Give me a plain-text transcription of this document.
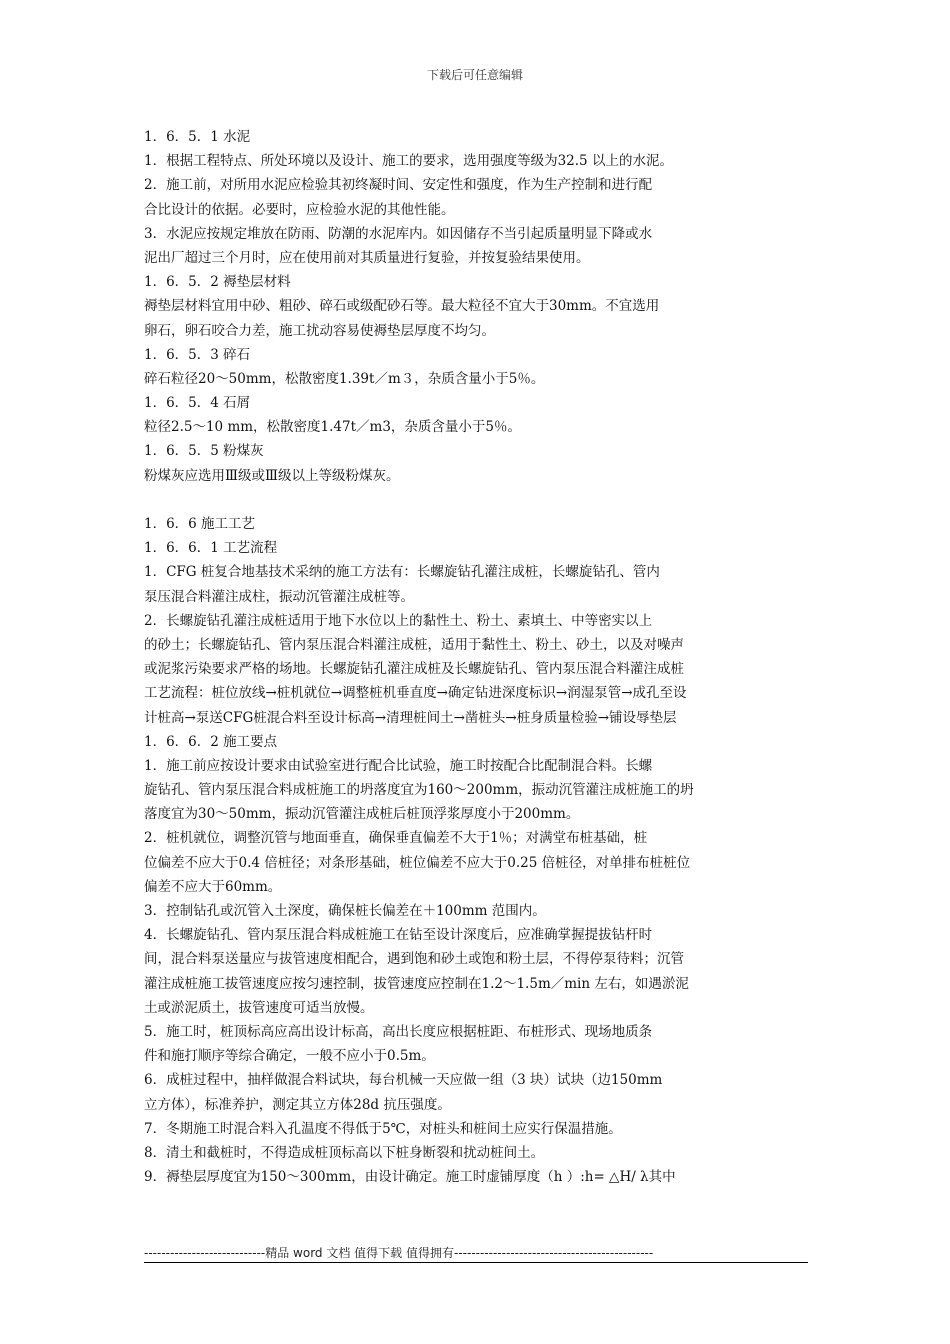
下载后可任意编辑
1．6．5．1 水泥
1．根据工程特点、所处环境以及设计、施工的要求，选用强度等级为32.5 以上的水泥。
2．施工前，对所用水泥应检验其初终凝时间、安定性和强度，作为生产控制和进行配
合比设计的依据。必要时，应检验水泥的其他性能。
3．水泥应按规定堆放在防雨、防潮的水泥库内。如因储存不当引起质量明显下降或水
泥出厂超过三个月时，应在使用前对其质量进行复验，并按复验结果使用。
1．6．5．2 褥垫层材料
褥垫层材料宜用中砂、粗砂、碎石或级配砂石等。最大粒径不宜大于30mm。不宜选用
卵石，卵石咬合力差，施工扰动容易使褥垫层厚度不均匀。
1．6．5．3 碎石
碎石粒径20～50mm，松散密度1.39t／m３，杂质含量小于5％。
1．6．5．4 石屑
粒径2.5～10 mm，松散密度1.47t／m3，杂质含量小于5％。
1．6．5．5 粉煤灰
粉煤灰应选用Ⅲ级或Ⅲ级以上等级粉煤灰。
1．6．6 施工工艺
1．6．6．1 工艺流程
1．CFG 桩复合地基技术采纳的施工方法有：长螺旋钻孔灌注成桩，长螺旋钻孔、管内
泵压混合料灌注成柱，振动沉管灌注成桩等。
2．长螺旋钻孔灌注成桩适用于地下水位以上的黏性土、粉土、素填土、中等密实以上
的砂土；长螺旋钻孔、管内泵压混合料灌注成桩，适用于黏性土、粉土、砂土，以及对噪声
或泥浆污染要求严格的场地。长螺旋钻孔灌注成桩及长螺旋钻孔、管内泵压混合料灌注成桩
工艺流程：桩位放线→桩机就位→调整桩机垂直度→确定钻进深度标识→润湿泵管→成孔至设
计桩高→泵送CFG桩混合料至设计标高→清理桩间土→凿桩头→桩身质量检验→铺设辱垫层
1．6．6．2 施工要点
1．施工前应按设计要求由试验室进行配合比试验，施工时按配合比配制混合料。长螺
旋钻孔、管内泵压混合料成桩施工的坍落度宜为160～200mm，振动沉管灌注成桩施工的坍
落度宜为30～50mm，振动沉管灌注成桩后桩顶浮浆厚度小于200mm。
2．桩机就位，调整沉管与地面垂直，确保垂直偏差不大于1％；对满堂布桩基础，桩
位偏差不应大于0.4 倍桩径；对条形基础，桩位偏差不应大于0.25 倍桩径，对单排布桩桩位
偏差不应大于60mm。
3．控制钻孔或沉管入土深度，确保桩长偏差在＋100mm 范围内。
4．长螺旋钻孔、管内泵压混合料成桩施工在钻至设计深度后，应准确掌握提拔钻杆时
间，混合料泵送量应与拔管速度相配合，遇到饱和砂土或饱和粉土层，不得停泵待料；沉管
灌注成桩施工拔管速度应按匀速控制，拔管速度应控制在1.2～1.5m／min 左右，如遇淤泥
土或淤泥质土，拔管速度可适当放慢。
5．施工时，桩顶标高应高出设计标高，高出长度应根据桩距、布桩形式、现场地质条
件和施打顺序等综合确定，一般不应小于0.5m。
6．成桩过程中，抽样做混合料试块，每台机械一天应做一组（3 块）试块（边150mm
立方体），标准养护，测定其立方体28d 抗压强度。
7．冬期施工时混合料入孔温度不得低于5℃，对桩头和桩间土应实行保温措施。
8．清土和截桩时，不得造成桩顶标高以下桩身断裂和扰动桩间土。
9．褥垫层厚度宜为150～300mm，由设计确定。施工时虚铺厚度（h ）:h= △H/ λ其中
----------------------------精品 word 文档 值得下载 值得拥有----------------------------------------------
